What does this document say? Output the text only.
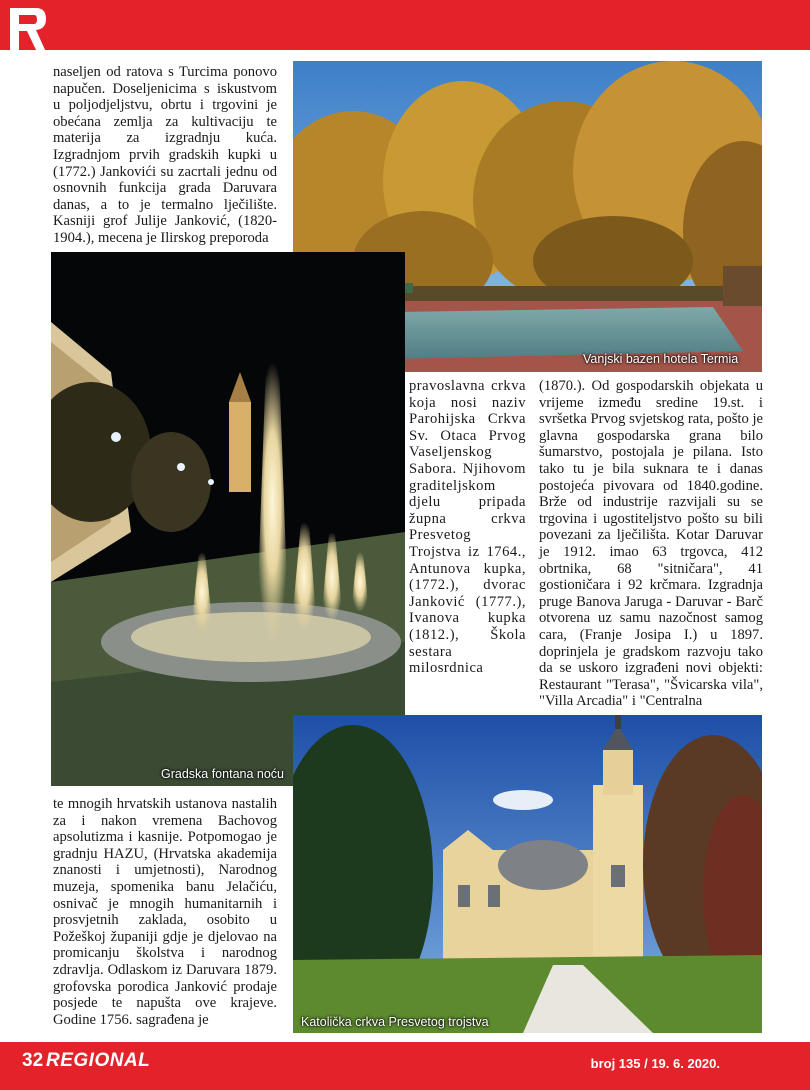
naseljen od ratova s Turcima ponovo napučen. Doseljenicima s iskustvom u poljodjeljstvu, obrtu i trgovini je obećana zemlja za kultivaciju te materija za izgradnju kuća. Izgradnjom prvih gradskih kupki u (1772.) Jankovići su zacrtali jednu od osnovnih funkcija grada Daruvara danas, a to je termalno lječilište. Kasniji grof Julije Janković, (1820-1904.), mecena je Ilirskog preporoda

Vanjski bazen hotela Termia
Gradska fontana noću

pravoslavna crkva koja nosi naziv Parohijska Crkva Sv. Otaca Prvog Vaseljenskog Sabora. Njihovom graditeljskom djelu pripada župna crkva Presvetog Trojstva iz 1764., Antunova kupka, (1772.), dvorac Janković (1777.), Ivanova kupka (1812.), Škola sestara milosrdnica

(1870.). Od gospodarskih objekata u vrijeme između sredine 19.st. i svršetka Prvog svjetskog rata, pošto je glavna gospodarska grana bilo šumarstvo, postojala je pilana. Isto tako tu je bila suknara te i danas postojeća pivovara od 1840.godine. Brže od industrije razvijali su se trgovina i ugostiteljstvo pošto su bili povezani za lječilišta. Kotar Daruvar je 1912. imao 63 trgovca, 412 obrtnika, 68 "sitničara", 41 gostioničara i 92 krčmara. Izgradnja pruge Banova Jaruga - Daruvar - Barč otvorena uz samu nazočnost samog cara, (Franje Josipa I.) u 1897. doprinjela je gradskom razvoju tako da se uskoro izgrađeni novi objekti: Restaurant "Terasa", "Švicarska vila", "Villa Arcadia" i "Centralna

te mnogih hrvatskih ustanova nastalih za i nakon vremena Bachovog apsolutizma i kasnije. Potpomogao je gradnju HAZU, (Hrvatska akademija znanosti i umjetnosti), Narodnog muzeja, spomenika banu Jelačiću, osnivač je mnogih humanitarnih i prosvjetnih zaklada, osobito u Požeškoj županiji gdje je djelovao na promicanju školstva i narodnog zdravlja. Odlaskom iz Daruvara 1879. grofovska porodica Janković prodaje posjede te napušta ove krajeve. Godine 1756. sagrađena je	Katolička crkva Presvetog trojstva
32 REGIONAL	broj 135 / 19. 6. 2020.
